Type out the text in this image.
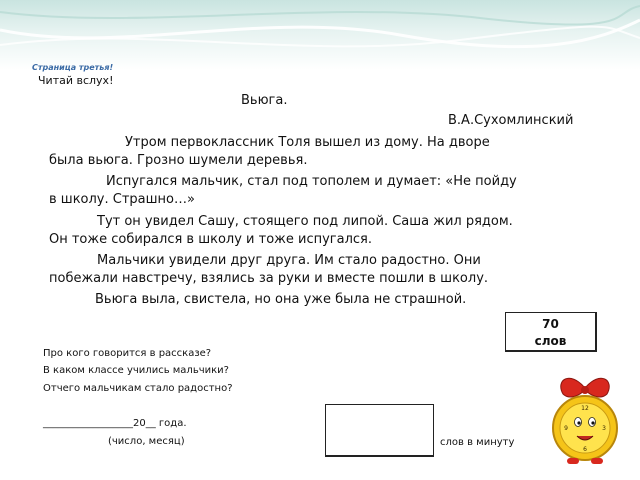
Страница третья!
Читай вслух!
Вьюга.
В.А.Сухомлинский
Утром первоклассник Толя вышел из дому. На дворе
была вьюга. Грозно шумели деревья.
Испугался мальчик, стал под тополем и думает: «Не пойду
в школу. Страшно…»
Тут он увидел Сашу, стоящего под липой. Саша жил рядом.
Он тоже собирался в школу и тоже испугался.
Мальчики увидели друг друга. Им стало радостно. Они
побежали навстречу, взялись за руки и вместе пошли в школу.
Вьюга выла, свистела, но она уже была не страшной.
70
слов
Про кого говорится в рассказе?
В каком классе учились мальчики?
Отчего мальчикам стало радостно?
__________________20__ года.
(число, месяц)	слов в минуту
12
3
6
9
